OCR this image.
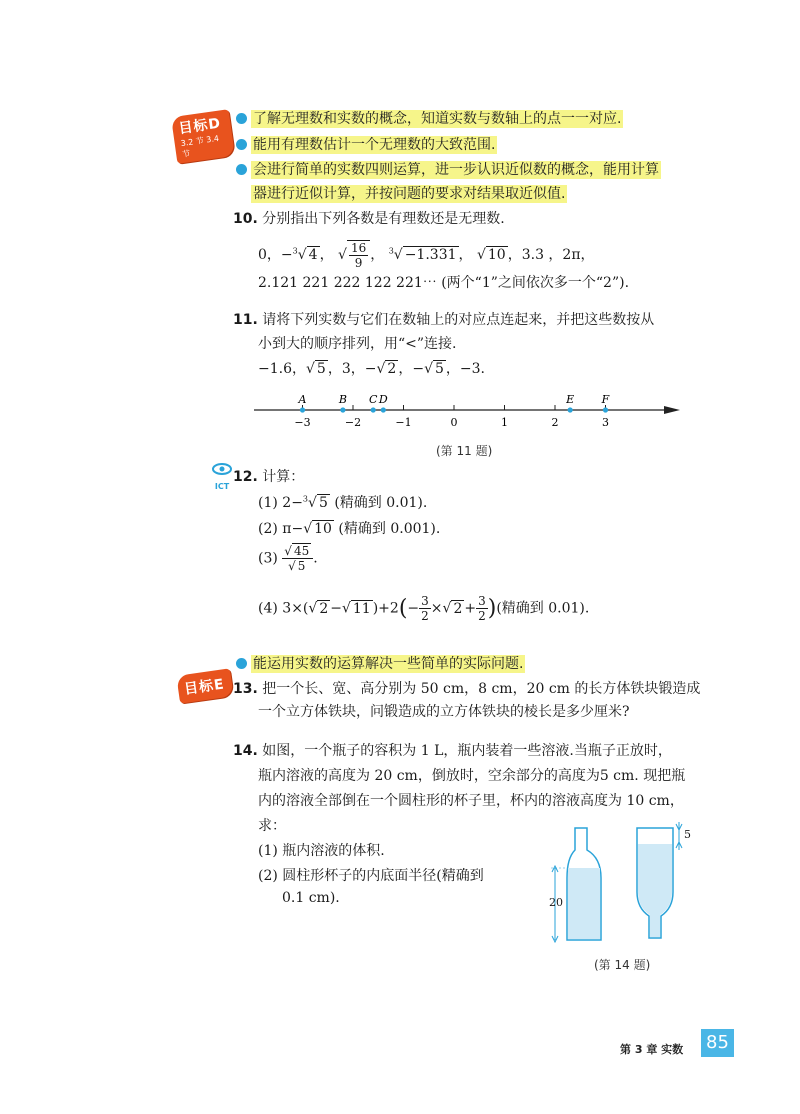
目标D
3.2 节 3.4 节
了解无理数和实数的概念，知道实数与数轴上的点一一对应.
能用有理数估计一个无理数的大致范围.
会进行简单的实数四则运算，进一步认识近似数的概念，能用计算
器进行近似计算，并按问题的要求对结果取近似值.
10. 分别指出下列各数是有理数还是无理数.
0，−$^3$√ 4 ， √ $\frac{16}{9}$ ， $^3$√ −1.331 ， √ 10 ，3.3 ，2π，
2.121 221 222 122 221⋯ (两个“1”之间依次多一个“2”).
11. 请将下列实数与它们在数轴上的对应点连起来，并把这些数按从
小到大的顺序排列，用“<”连接.
−1.6，√ 5 ，3，−√ 2 ，−√ 5 ，−3.
−3	−2	−1	0	1	2	3
A	B C D	E	F
(第 11 题)
ICT
12. 计算：
(1) 2−$^3$√ 5 (精确到 0.01).
(2) π−√ 10 (精确到 0.001).
$(3) \frac{√ 45}{√ 5}$ .
(4) 3×(√ 2 −√ 11 )$+2(- \frac{3}{2}$ ×√ $2 + \frac{3}{2}$ )(精确到 0.01).
能运用实数的运算解决一些简单的实际问题.
目标E 13. 把一个长、宽、高分别为 50 cm，8 cm，20 cm 的长方体铁块锻造成
一个立方体铁块，问锻造成的立方体铁块的棱长是多少厘米?
14. 如图，一个瓶子的容积为 1 L，瓶内装着一些溶液.当瓶子正放时，
瓶内溶液的高度为 20 cm，倒放时，空余部分的高度为5 cm. 现把瓶
内的溶液全部倒在一个圆柱形的杯子里，杯内的溶液高度为 10 cm，
求：
(1) 瓶内溶液的体积.
(2) 圆柱形杯子的内底面半径(精确到
0.1 cm).	20
5
(第 14 题)
第 3 章 实数 85
